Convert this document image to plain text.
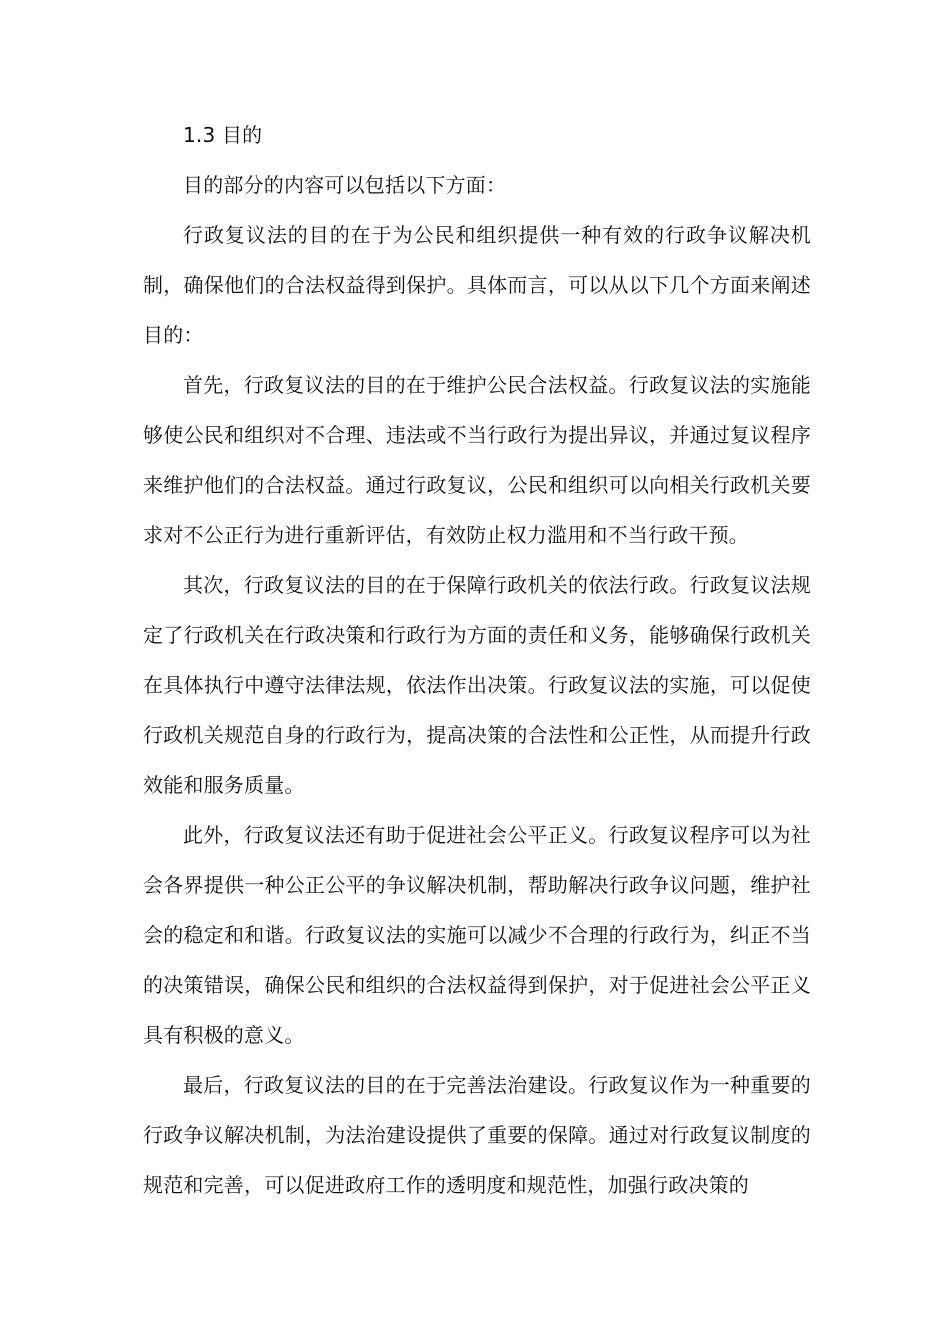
1.3 目的

目的部分的内容可以包括以下方面：

行政复议法的目的在于为公民和组织提供一种有效的行政争议解决机制，确保他们的合法权益得到保护。具体而言，可以从以下几个方面来阐述目的：

首先，行政复议法的目的在于维护公民合法权益。行政复议法的实施能够使公民和组织对不合理、违法或不当行政行为提出异议，并通过复议程序来维护他们的合法权益。通过行政复议，公民和组织可以向相关行政机关要求对不公正行为进行重新评估，有效防止权力滥用和不当行政干预。

其次，行政复议法的目的在于保障行政机关的依法行政。行政复议法规定了行政机关在行政决策和行政行为方面的责任和义务，能够确保行政机关在具体执行中遵守法律法规，依法作出决策。行政复议法的实施，可以促使行政机关规范自身的行政行为，提高决策的合法性和公正性，从而提升行政效能和服务质量。

此外，行政复议法还有助于促进社会公平正义。行政复议程序可以为社会各界提供一种公正公平的争议解决机制，帮助解决行政争议问题，维护社会的稳定和和谐。行政复议法的实施可以减少不合理的行政行为，纠正不当的决策错误，确保公民和组织的合法权益得到保护，对于促进社会公平正义具有积极的意义。

最后，行政复议法的目的在于完善法治建设。行政复议作为一种重要的行政争议解决机制，为法治建设提供了重要的保障。通过对行政复议制度的规范和完善，可以促进政府工作的透明度和规范性，加强行政决策的
